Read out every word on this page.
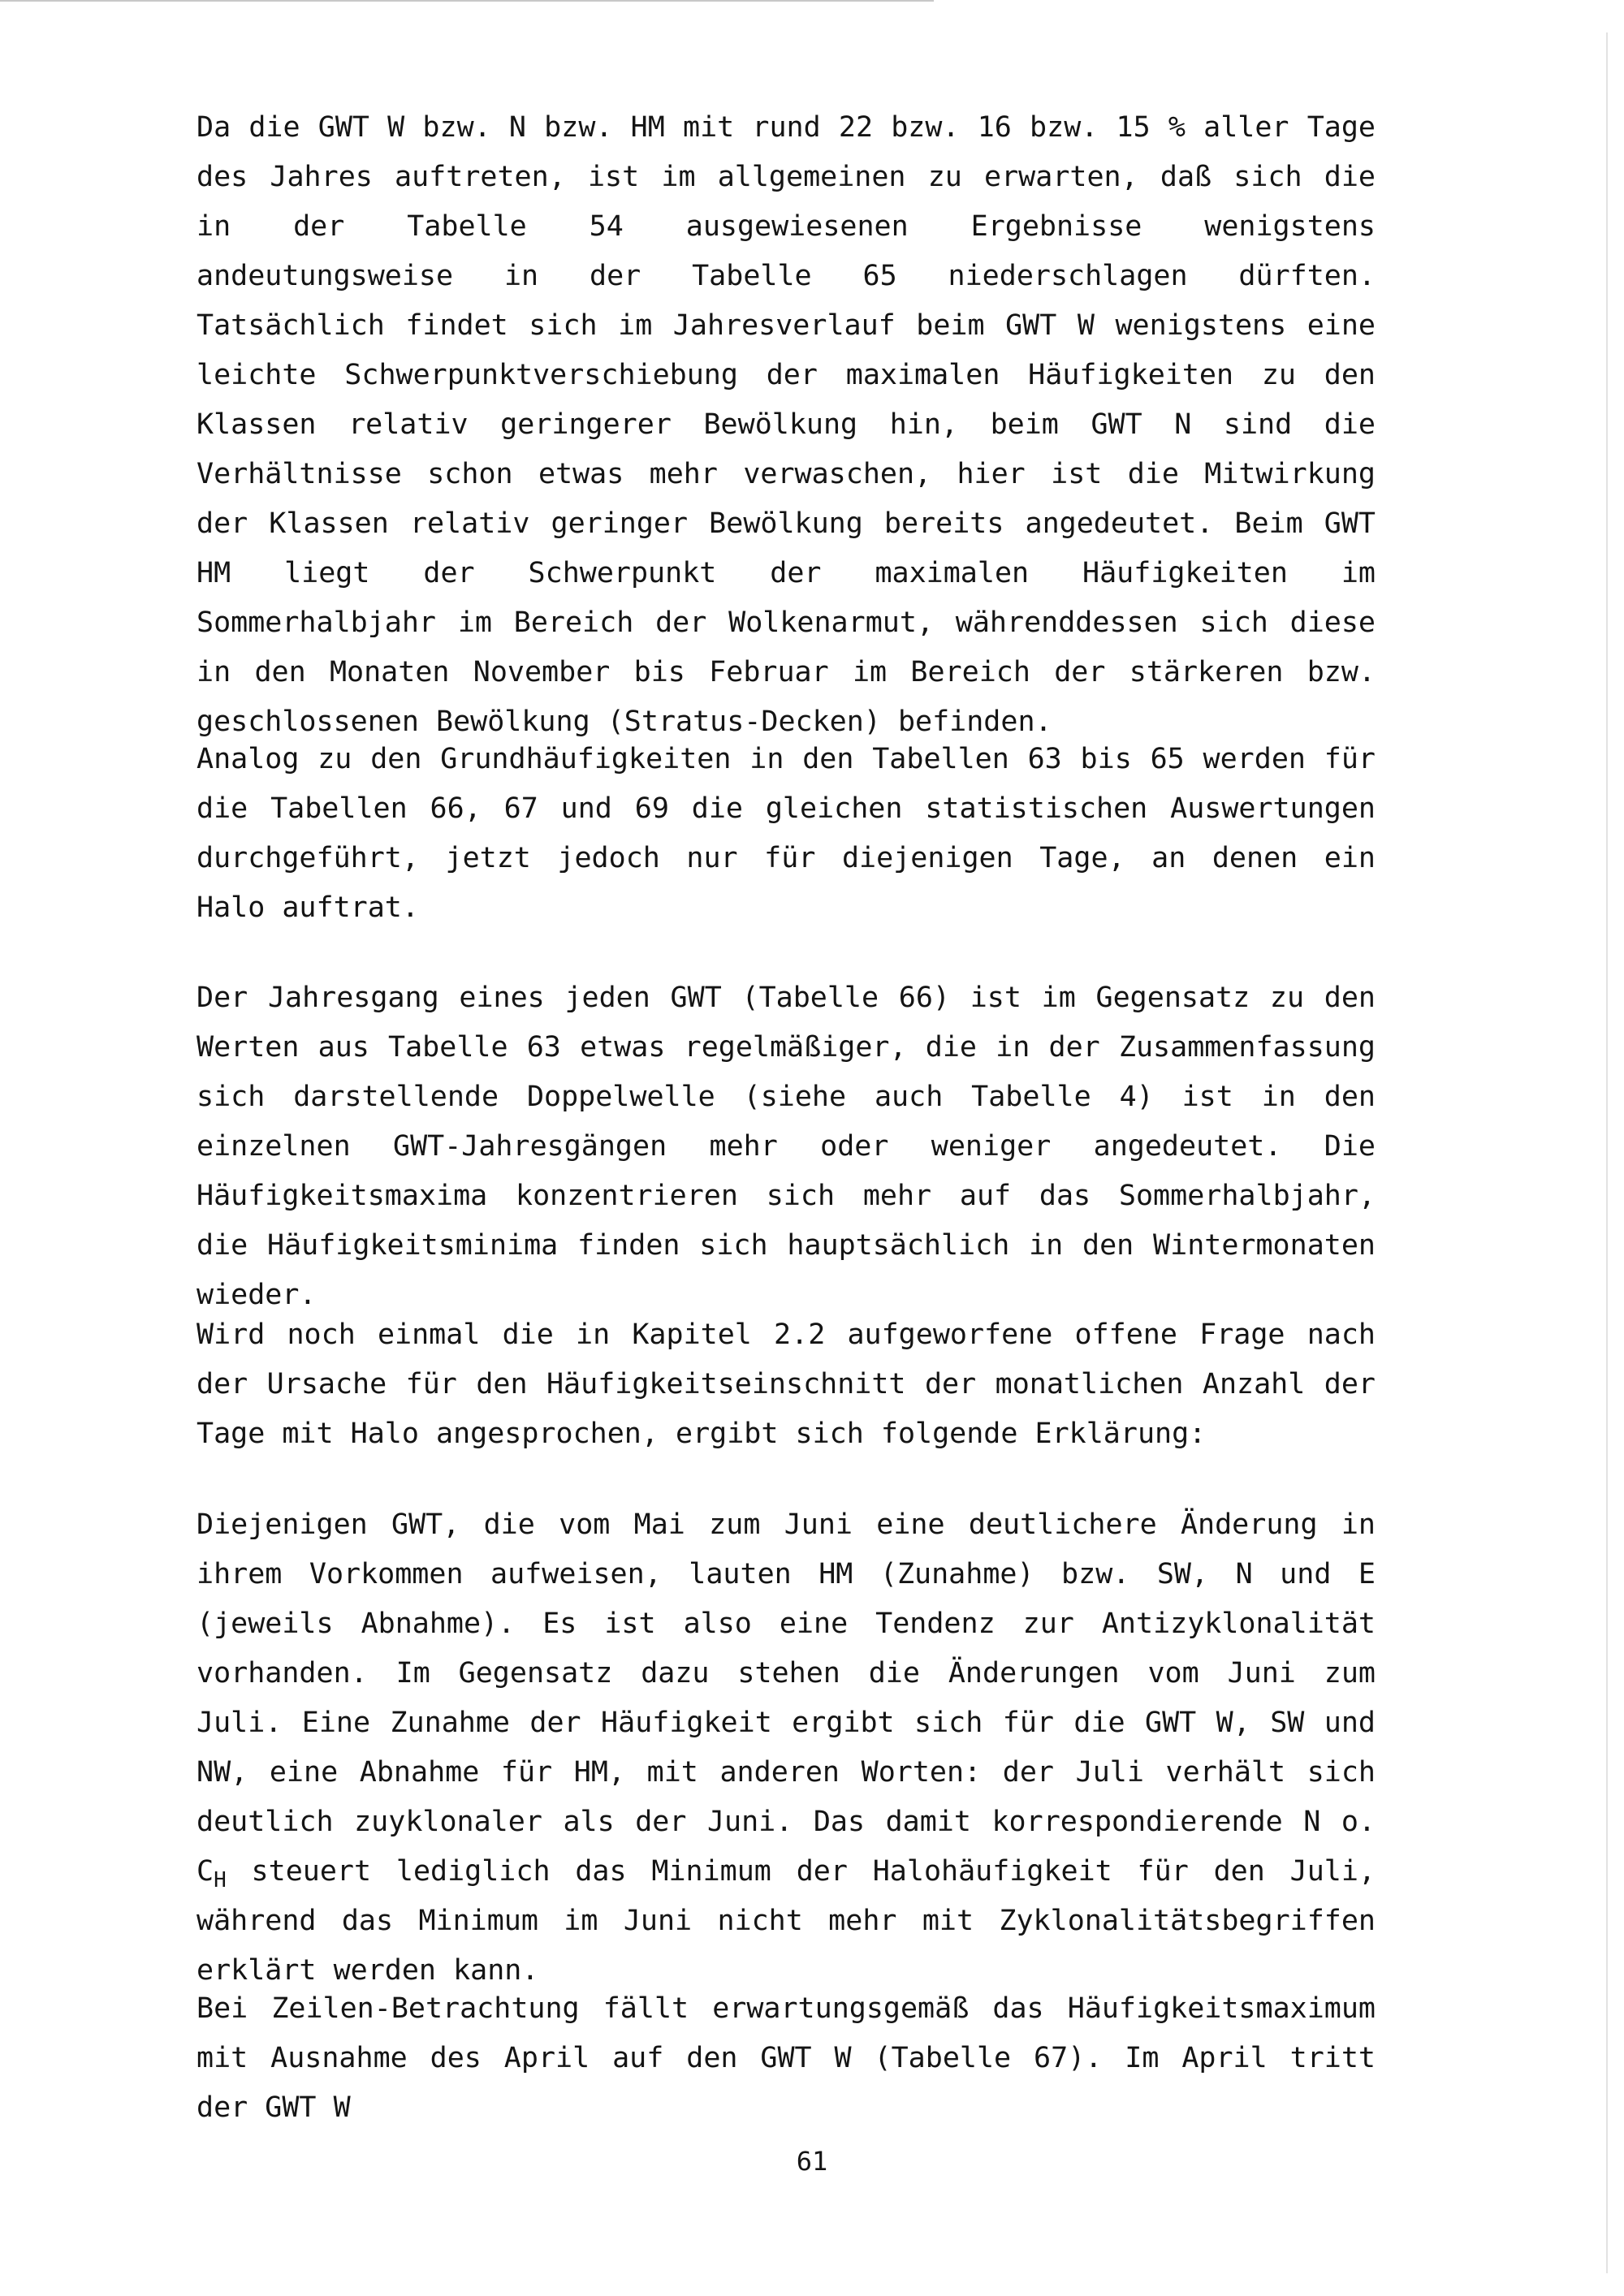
Da die GWT W bzw. N bzw. HM mit rund 22 bzw. 16 bzw. 15 % aller Tage des Jahres auftreten, ist im allgemeinen zu erwarten, daß sich die in der Tabelle 54 ausgewiesenen Ergebnisse wenigstens andeutungsweise in der Tabelle 65 niederschlagen dürften. Tatsächlich findet sich im Jahresverlauf beim GWT W wenigstens eine leichte Schwerpunktverschiebung der maximalen Häufigkeiten zu den Klassen relativ geringerer Bewölkung hin, beim GWT N sind die Verhältnisse schon etwas mehr verwaschen, hier ist die Mitwirkung der Klassen relativ geringer Bewölkung bereits angedeutet. Beim GWT HM liegt der Schwerpunkt der maximalen Häufigkeiten im Sommerhalbjahr im Bereich der Wolkenarmut, währenddessen sich diese in den Monaten November bis Februar im Bereich der stärkeren bzw. geschlossenen Bewölkung (Stratus-Decken) befinden.

Analog zu den Grundhäufigkeiten in den Tabellen 63 bis 65 werden für die Tabellen 66, 67 und 69 die gleichen statistischen Auswertungen durchgeführt, jetzt jedoch nur für diejenigen Tage, an denen ein Halo auftrat.

Der Jahresgang eines jeden GWT (Tabelle 66) ist im Gegensatz zu den Werten aus Tabelle 63 etwas regelmäßiger, die in der Zusammenfassung sich darstellende Doppelwelle (siehe auch Tabelle 4) ist in den einzelnen GWT-Jahresgängen mehr oder weniger angedeutet. Die Häufigkeitsmaxima konzentrieren sich mehr auf das Sommerhalbjahr, die Häufigkeitsminima finden sich hauptsächlich in den Wintermonaten wieder.

Wird noch einmal die in Kapitel 2.2 aufgeworfene offene Frage nach der Ursache für den Häufigkeitseinschnitt der monatlichen Anzahl der Tage mit Halo angesprochen, ergibt sich folgende Erklärung:

Diejenigen GWT, die vom Mai zum Juni eine deutlichere Änderung in ihrem Vorkommen aufweisen, lauten HM (Zunahme) bzw. SW, N und E (jeweils Abnahme). Es ist also eine Tendenz zur Antizyklonalität vorhanden. Im Gegensatz dazu stehen die Änderungen vom Juni zum Juli. Eine Zunahme der Häufigkeit ergibt sich für die GWT W, SW und NW, eine Abnahme für HM, mit anderen Worten: der Juli verhält sich deutlich zuyklonaler als der Juni. Das damit korrespondierende N o. $C_H$ steuert lediglich das Minimum der Halohäufigkeit für den Juli, während das Minimum im Juni nicht mehr mit Zyklonalitätsbegriffen erklärt werden kann.

Bei Zeilen-Betrachtung fällt erwartungsgemäß das Häufigkeitsmaximum mit Ausnahme des April auf den GWT W (Tabelle 67). Im April tritt der GWT W

61
